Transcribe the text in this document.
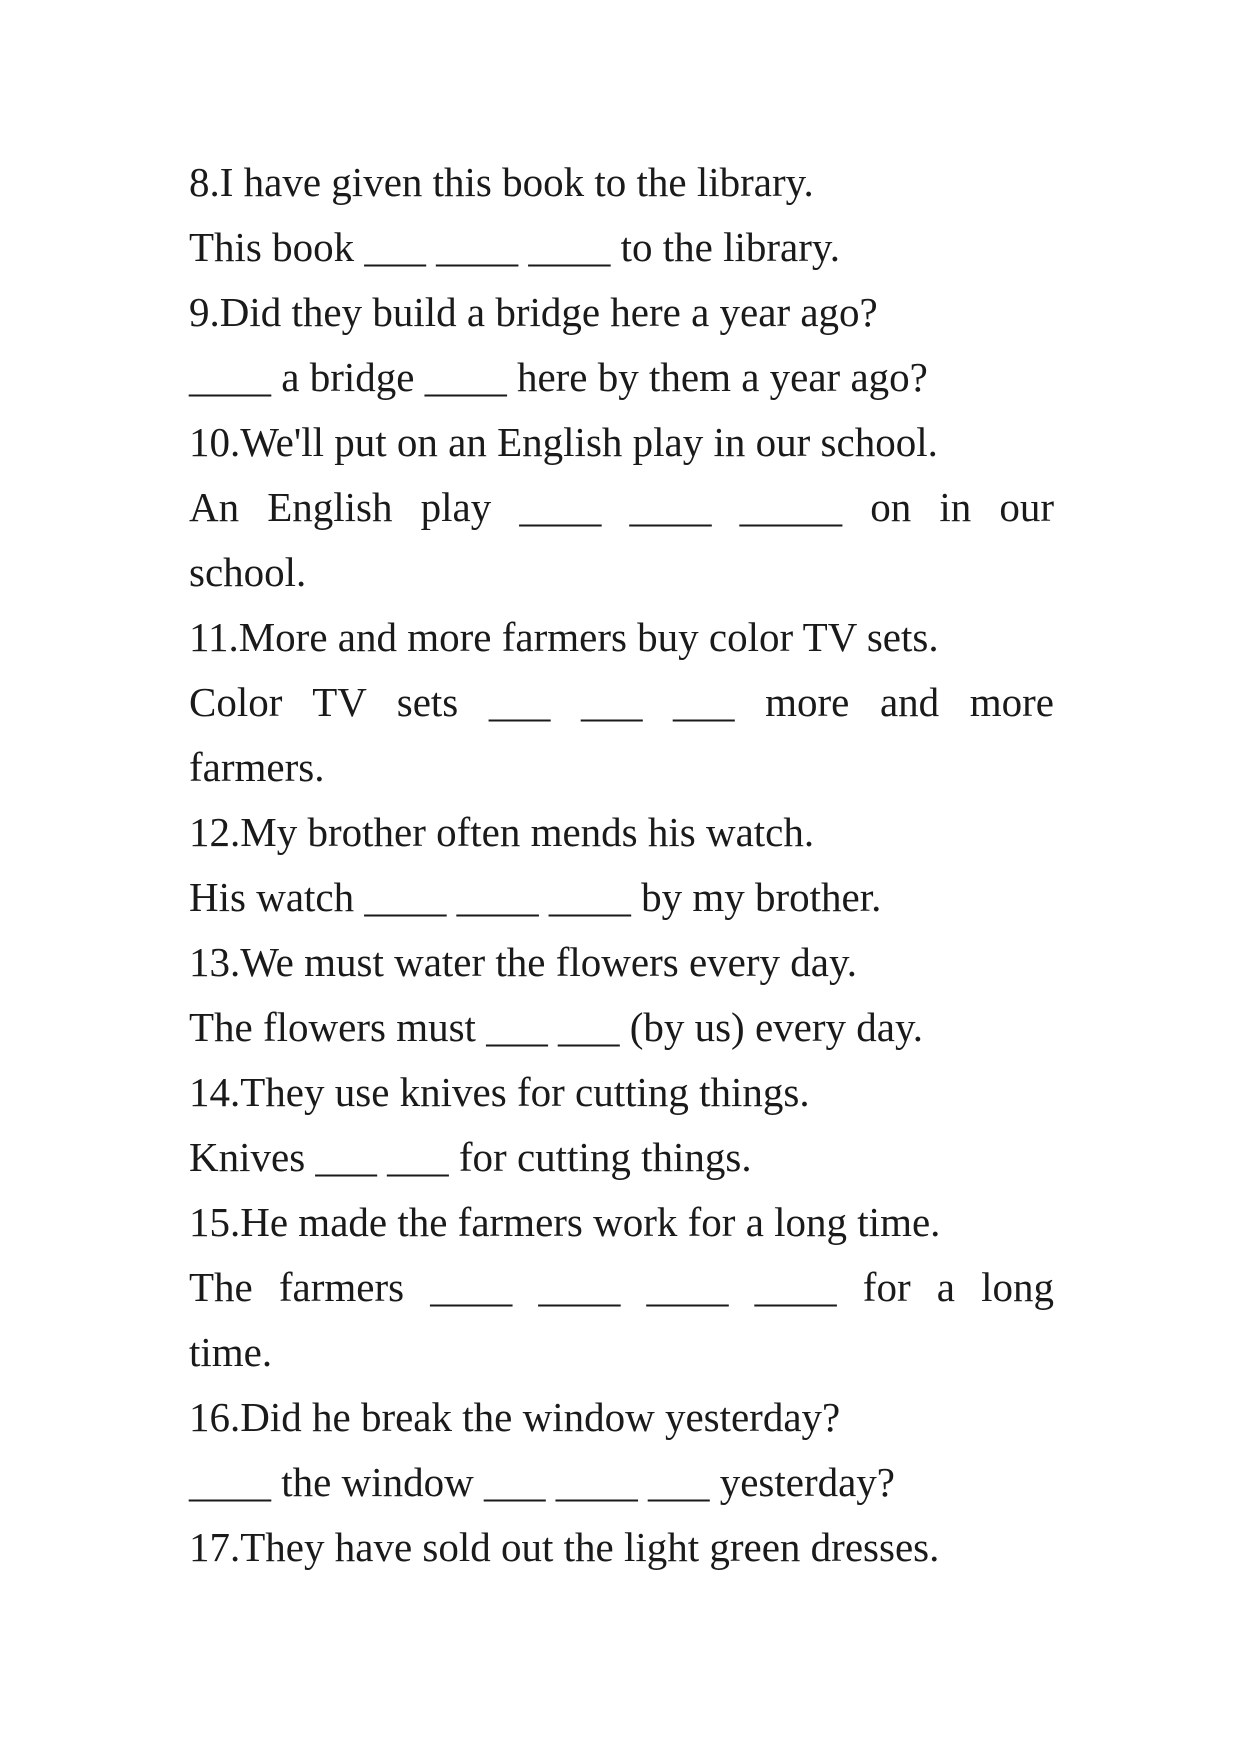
8.I have given this book to the library.
This book ___ ____ ____ to the library.
9.Did they build a bridge here a year ago?
____ a bridge ____ here by them a year ago?
10.We'll put on an English play in our school.
An English play ____ ____ _____ on in our
school.
11.More and more farmers buy color TV sets.
Color TV sets ___ ___ ___ more and more
farmers.
12.My brother often mends his watch.
His watch ____ ____ ____ by my brother.
13.We must water the flowers every day.
The flowers must ___ ___ (by us) every day.
14.They use knives for cutting things.
Knives ___ ___ for cutting things.
15.He made the farmers work for a long time.
The farmers ____ ____ ____ ____ for a long
time.
16.Did he break the window yesterday?
____ the window ___ ____ ___ yesterday?
17.They have sold out the light green dresses.
